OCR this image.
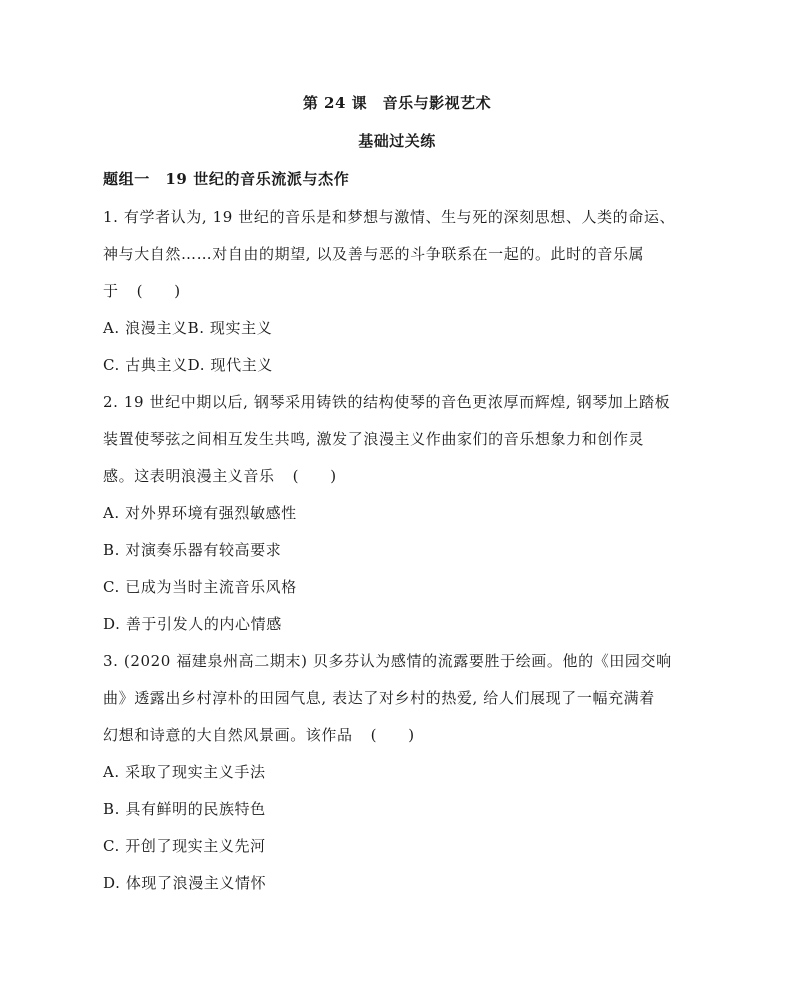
第 24 课　音乐与影视艺术
基础过关练
题组一　19 世纪的音乐流派与杰作
1. 有学者认为, 19 世纪的音乐是和梦想与激情、生与死的深刻思想、人类的命运、
神与大自然……对自由的期望, 以及善与恶的斗争联系在一起的。此时的音乐属
于 (　　)
A. 浪漫主义B. 现实主义
C. 古典主义D. 现代主义
2. 19 世纪中期以后, 钢琴采用铸铁的结构使琴的音色更浓厚而辉煌, 钢琴加上踏板
装置使琴弦之间相互发生共鸣, 激发了浪漫主义作曲家们的音乐想象力和创作灵
感。这表明浪漫主义音乐 (　　)
A. 对外界环境有强烈敏感性
B. 对演奏乐器有较高要求
C. 已成为当时主流音乐风格
D. 善于引发人的内心情感
3. (2020 福建泉州高二期末) 贝多芬认为感情的流露要胜于绘画。他的《田园交响
曲》透露出乡村淳朴的田园气息, 表达了对乡村的热爱, 给人们展现了一幅充满着
幻想和诗意的大自然风景画。该作品 (　　)
A. 采取了现实主义手法
B. 具有鲜明的民族特色
C. 开创了现实主义先河
D. 体现了浪漫主义情怀
